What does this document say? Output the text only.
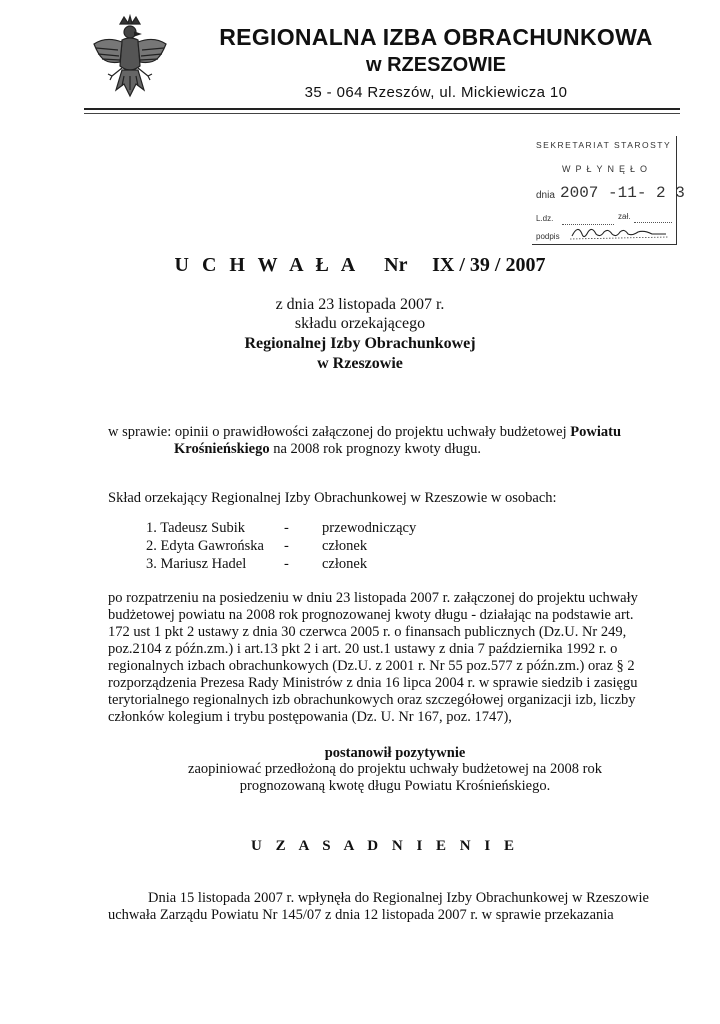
REGIONALNA IZBA OBRACHUNKOWA
w RZESZOWIE
35 - 064 Rzeszów, ul. Mickiewicza 10
SEKRETARIAT STAROSTY
WPŁYNĘŁO
dnia 2007 -11- 2 3
L.dz.	zał.
podpis
U C H W A Ł A Nr IX / 39 / 2007
z dnia 23 listopada 2007 r.
składu orzekającego
Regionalnej Izby Obrachunkowej
w Rzeszowie
w sprawie: opinii o prawidłowości załączonej do projektu uchwały budżetowej Powiatu
Krośnieńskiego na 2008 rok prognozy kwoty długu.
Skład orzekający Regionalnej Izby Obrachunkowej w Rzeszowie w osobach:
1. Tadeusz Subik	- przewodniczący
2. Edyta Gawrońska - członek
3. Mariusz Hadel	- członek
po rozpatrzeniu na posiedzeniu w dniu 23 listopada 2007 r. załączonej do projektu uchwały
budżetowej powiatu na 2008 rok prognozowanej kwoty długu - działając na podstawie art.
172 ust 1 pkt 2 ustawy z dnia 30 czerwca 2005 r. o finansach publicznych (Dz.U. Nr 249,
poz.2104 z późn.zm.) i art.13 pkt 2 i art. 20 ust.1 ustawy z dnia 7 października 1992 r. o
regionalnych izbach obrachunkowych (Dz.U. z 2001 r. Nr 55 poz.577 z późn.zm.) oraz § 2
rozporządzenia Prezesa Rady Ministrów z dnia 16 lipca 2004 r. w sprawie siedzib i zasięgu
terytorialnego regionalnych izb obrachunkowych oraz szczegółowej organizacji izb, liczby
członków kolegium i trybu postępowania (Dz. U. Nr 167, poz. 1747),
postanowił pozytywnie
zaopiniować przedłożoną do projektu uchwały budżetowej na 2008 rok
prognozowaną kwotę długu Powiatu Krośnieńskiego.
U Z A S A D N I E N I E
Dnia 15 listopada 2007 r. wpłynęła do Regionalnej Izby Obrachunkowej w Rzeszowie
uchwała Zarządu Powiatu Nr 145/07 z dnia 12 listopada 2007 r. w sprawie przekazania
